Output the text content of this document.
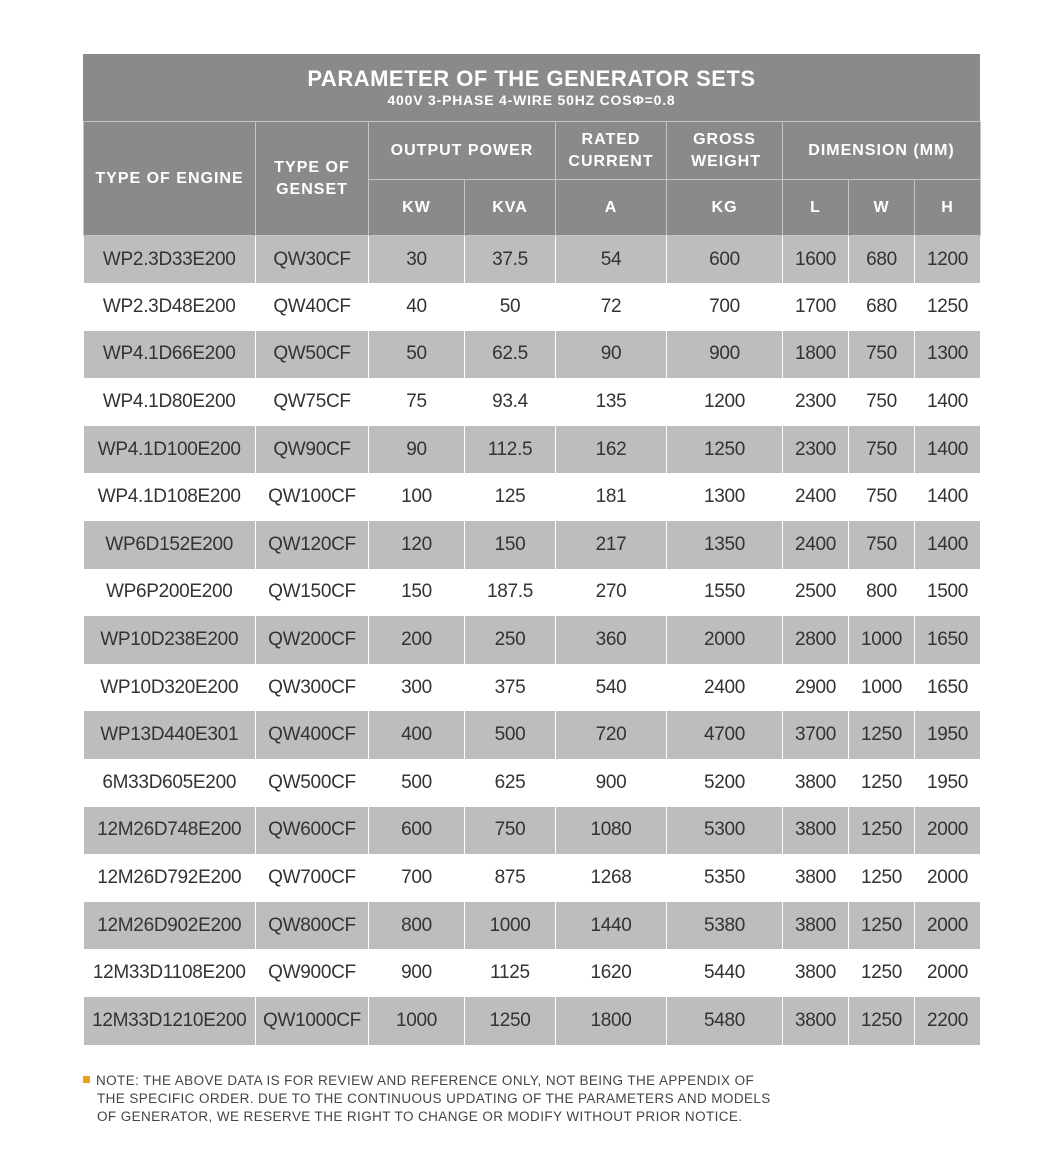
PARAMETER OF THE GENERATOR SETS
400V 3-PHASE 4-WIRE 50HZ COSΦ=0.8
TYPE OF ENGINE	TYPE OF GENSET	OUTPUT POWER		RATED CURRENT	GROSS WEIGHT	DIMENSION (MM)		
		KW	KVA	A	KG	L	W	H
WP2.3D33E200	QW30CF	30	37.5	54	600	1600	680	1200
WP2.3D48E200	QW40CF	40	50	72	700	1700	680	1250
WP4.1D66E200	QW50CF	50	62.5	90	900	1800	750	1300
WP4.1D80E200	QW75CF	75	93.4	135	1200	2300	750	1400
WP4.1D100E200	QW90CF	90	112.5	162	1250	2300	750	1400
WP4.1D108E200	QW100CF	100	125	181	1300	2400	750	1400
WP6D152E200	QW120CF	120	150	217	1350	2400	750	1400
WP6P200E200	QW150CF	150	187.5	270	1550	2500	800	1500
WP10D238E200	QW200CF	200	250	360	2000	2800	1000	1650
WP10D320E200	QW300CF	300	375	540	2400	2900	1000	1650
WP13D440E301	QW400CF	400	500	720	4700	3700	1250	1950
6M33D605E200	QW500CF	500	625	900	5200	3800	1250	1950
12M26D748E200	QW600CF	600	750	1080	5300	3800	1250	2000
12M26D792E200	QW700CF	700	875	1268	5350	3800	1250	2000
12M26D902E200	QW800CF	800	1000	1440	5380	3800	1250	2000
12M33D1108E200	QW900CF	900	1125	1620	5440	3800	1250	2000
12M33D1210E200	QW1000CF	1000	1250	1800	5480	3800	1250	2200
NOTE: THE ABOVE DATA IS FOR REVIEW AND REFERENCE ONLY, NOT BEING THE APPENDIX OF
THE SPECIFIC ORDER. DUE TO THE CONTINUOUS UPDATING OF THE PARAMETERS AND MODELS
OF GENERATOR, WE RESERVE THE RIGHT TO CHANGE OR MODIFY WITHOUT PRIOR NOTICE.
